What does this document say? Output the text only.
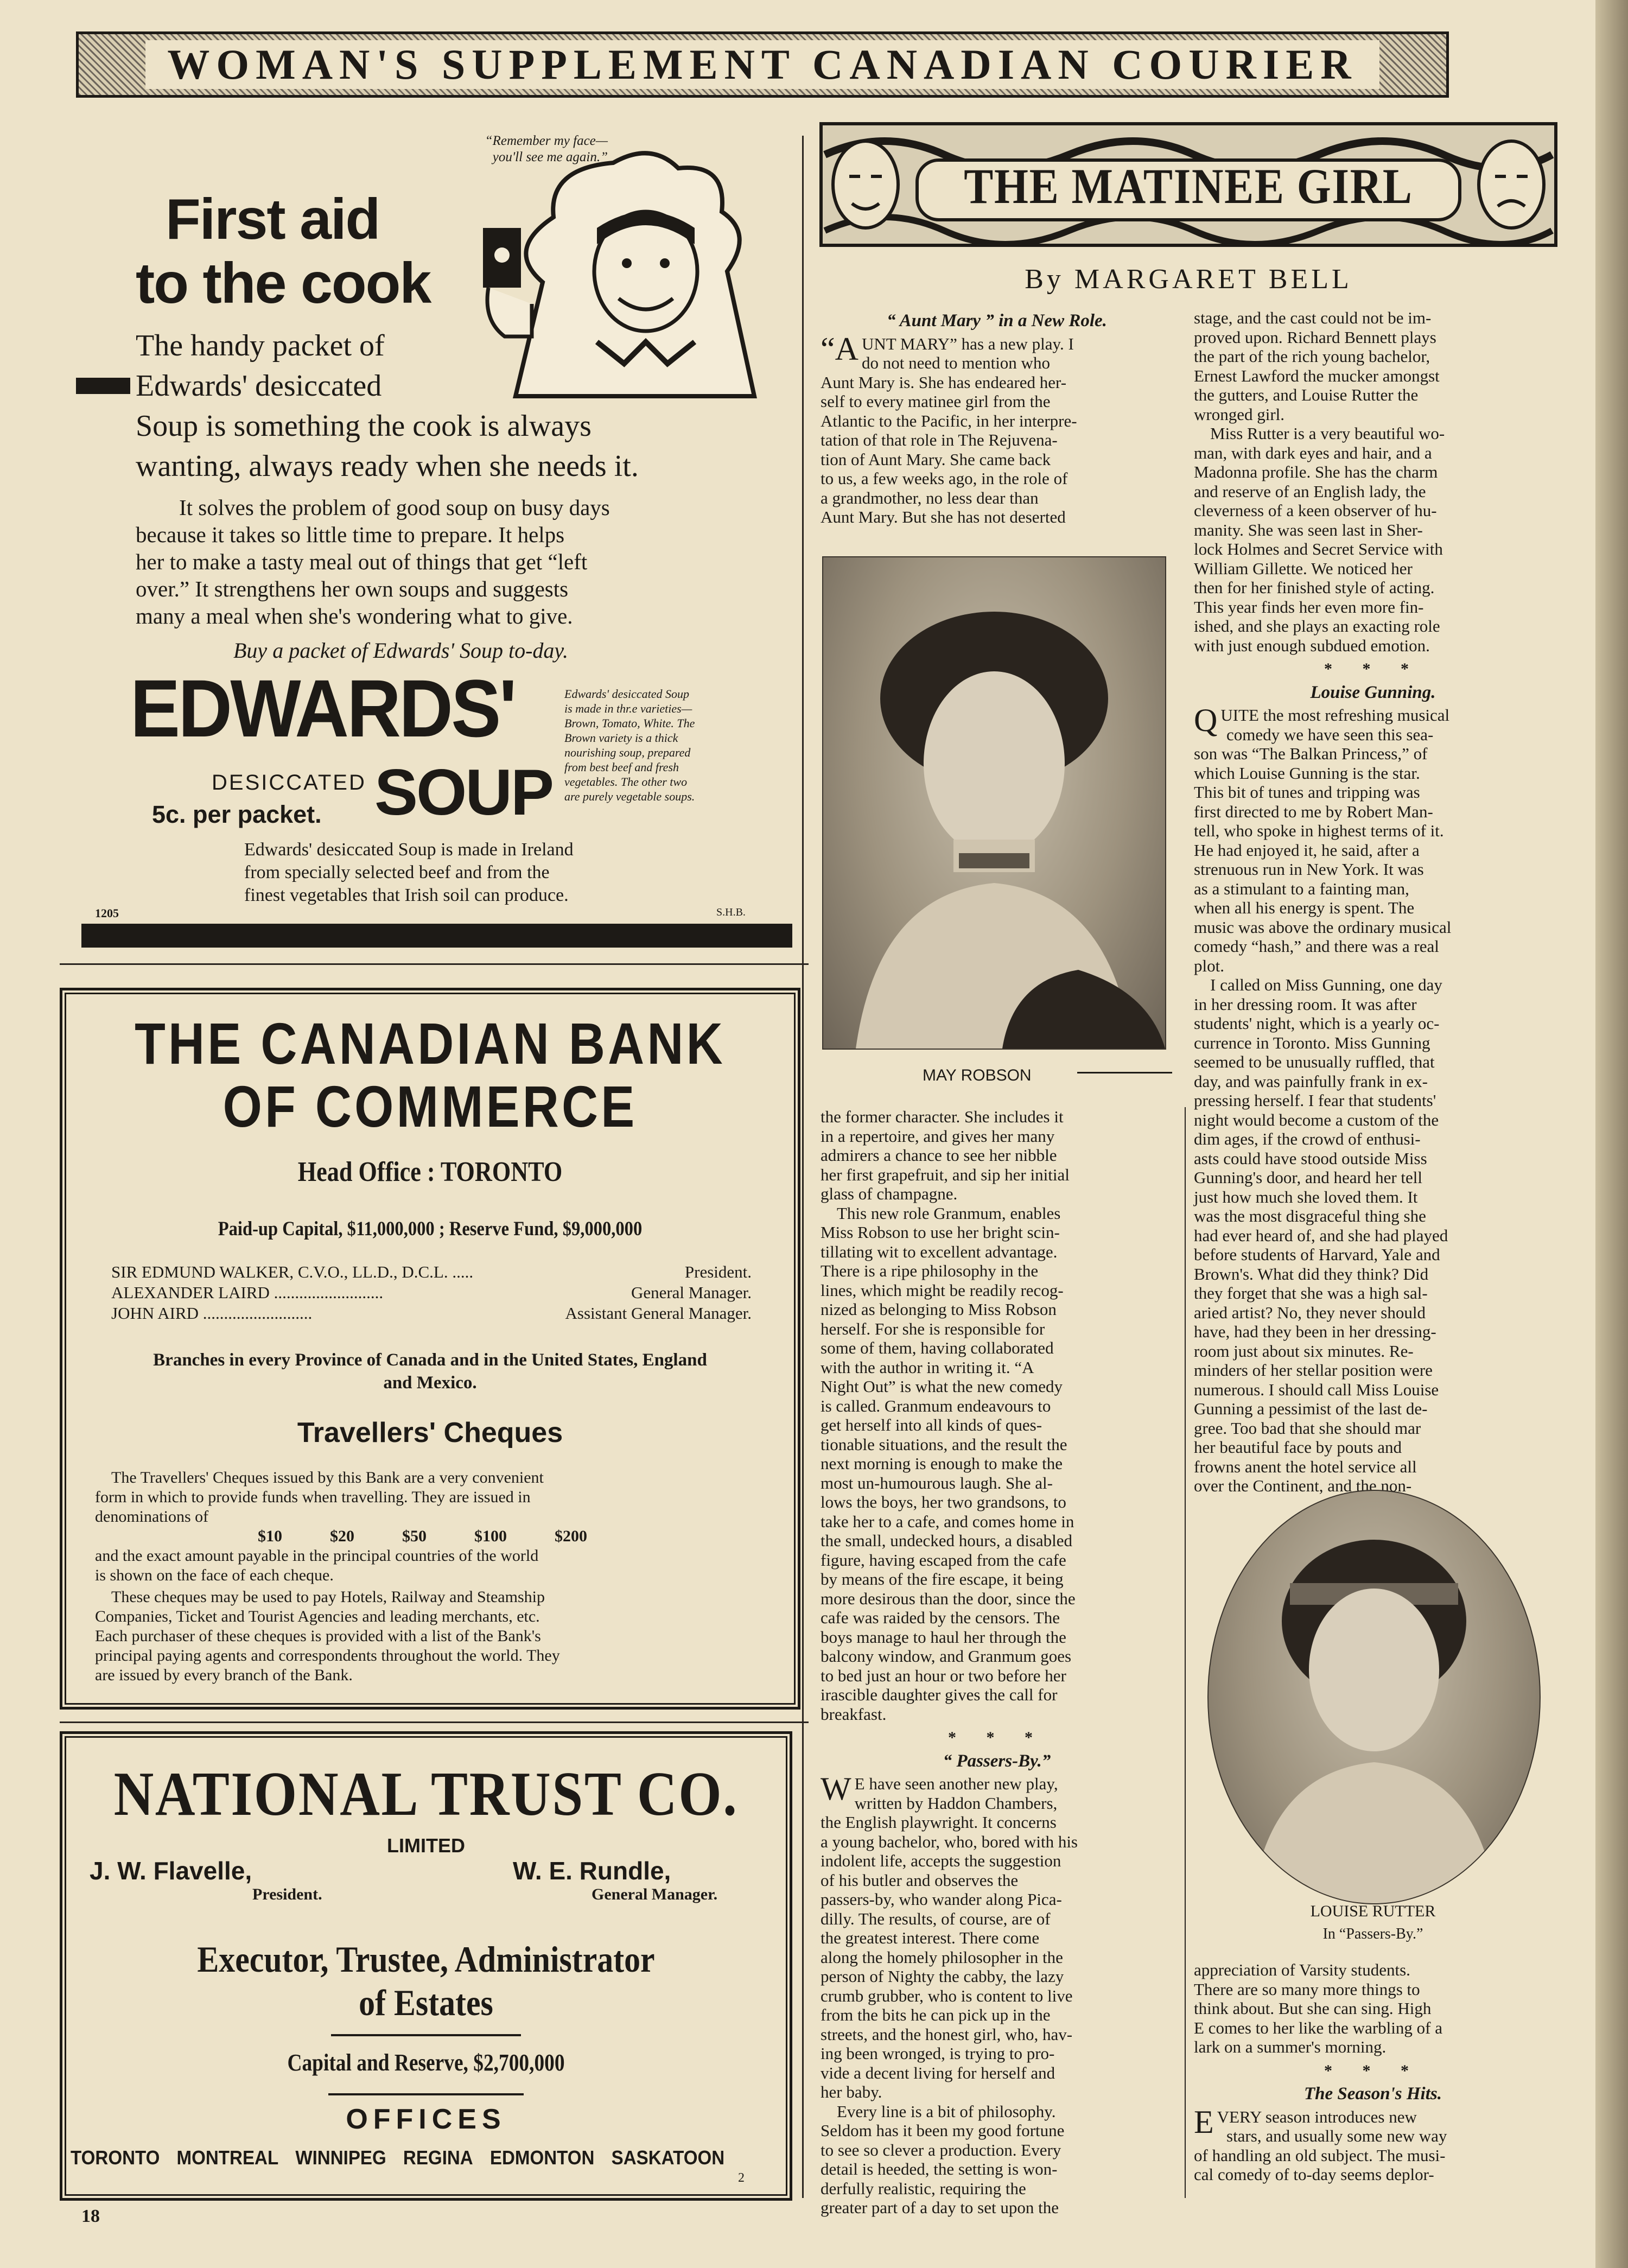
WOMAN'S SUPPLEMENT CANADIAN COURIER
“Remember my face—
you'll see me again.”
First aid
to the cook
The handy packet of
Edwards' desiccated
Soup is something the cook is always
wanting, always ready when she needs it.
It solves the problem of good soup on busy days
because it takes so little time to prepare. It helps
her to make a tasty meal out of things that get “left
over.” It strengthens her own soups and suggests
many a meal when she's wondering what to give.
Buy a packet of Edwards' Soup to-day.
EDWARDS'
DESICCATED SOUP
5c. per packet.
Edwards' desiccated Soup
is made in thr.e varieties—
Brown, Tomato, White. The
Brown variety is a thick
nourishing soup, prepared
from best beef and fresh
vegetables. The other two
are purely vegetable soups.
Edwards' desiccated Soup is made in Ireland
from specially selected beef and from the
finest vegetables that Irish soil can produce.
1205	S.H.B.
THE CANADIAN BANK
OF COMMERCE
Head Office : TORONTO
Paid-up Capital, $11,000,000 ; Reserve Fund, $9,000,000
SIR EDMUND WALKER, C.V.O., LL.D., D.C.L. .....	President.
ALEXANDER LAIRD ..........................	General Manager.
JOHN AIRD ..........................	Assistant General Manager.
Branches in every Province of Canada and in the United States, England
and Mexico.
Travellers' Cheques
The Travellers' Cheques issued by this Bank are a very convenient
form in which to provide funds when travelling. They are issued in
denominations of
$10	$20	$50	$100	$200
and the exact amount payable in the principal countries of the world
is shown on the face of each cheque.
These cheques may be used to pay Hotels, Railway and Steamship
Companies, Ticket and Tourist Agencies and leading merchants, etc.
Each purchaser of these cheques is provided with a list of the Bank's
principal paying agents and correspondents throughout the world. They
are issued by every branch of the Bank.
NATIONAL TRUST CO.
LIMITED
J. W. Flavelle,
President.
W. E. Rundle,
General Manager.
Executor, Trustee, Administrator
of Estates
Capital and Reserve, $2,700,000
OFFICES
TORONTO MONTREAL WINNIPEG REGINA EDMONTON SASKATOON
2
18
THE MATINEE GIRL
By MARGARET BELL
“ Aunt Mary ” in a New Role.
“A UNT MARY” has a new play. I
do not need to mention who
Aunt Mary is. She has endeared her-
self to every matinee girl from the
Atlantic to the Pacific, in her interpre-
tation of that role in The Rejuvena-
tion of Aunt Mary. She came back
to us, a few weeks ago, in the role of
a grandmother, no less dear than
Aunt Mary. But she has not deserted
MAY ROBSON
the former character. She includes it
in a repertoire, and gives her many
admirers a chance to see her nibble
her first grapefruit, and sip her initial
glass of champagne.
This new role Granmum, enables
Miss Robson to use her bright scin-
tillating wit to excellent advantage.
There is a ripe philosophy in the
lines, which might be readily recog-
nized as belonging to Miss Robson
herself. For she is responsible for
some of them, having collaborated
with the author in writing it. “A
Night Out” is what the new comedy
is called. Granmum endeavours to
get herself into all kinds of ques-
tionable situations, and the result the
next morning is enough to make the
most un-humourous laugh. She al-
lows the boys, her two grandsons, to
take her to a cafe, and comes home in
the small, undecked hours, a disabled
figure, having escaped from the cafe
by means of the fire escape, it being
more desirous than the door, since the
cafe was raided by the censors. The
boys manage to haul her through the
balcony window, and Granmum goes
to bed just an hour or two before her
irascible daughter gives the call for
breakfast.
* * *
“ Passers-By.”
W E have seen another new play,
written by Haddon Chambers,
the English playwright. It concerns
a young bachelor, who, bored with his
indolent life, accepts the suggestion
of his butler and observes the
passers-by, who wander along Pica-
dilly. The results, of course, are of
the greatest interest. There come
along the homely philosopher in the
person of Nighty the cabby, the lazy
crumb grubber, who is content to live
from the bits he can pick up in the
streets, and the honest girl, who, hav-
ing been wronged, is trying to pro-
vide a decent living for herself and
her baby.
Every line is a bit of philosophy.
Seldom has it been my good fortune
to see so clever a production. Every
detail is heeded, the setting is won-
derfully realistic, requiring the
greater part of a day to set upon the
stage, and the cast could not be im-
proved upon. Richard Bennett plays
the part of the rich young bachelor,
Ernest Lawford the mucker amongst
the gutters, and Louise Rutter the
wronged girl.
Miss Rutter is a very beautiful wo-
man, with dark eyes and hair, and a
Madonna profile. She has the charm
and reserve of an English lady, the
cleverness of a keen observer of hu-
manity. She was seen last in Sher-
lock Holmes and Secret Service with
William Gillette. We noticed her
then for her finished style of acting.
This year finds her even more fin-
ished, and she plays an exacting role
with just enough subdued emotion.
* * *
Louise Gunning.
Q UITE the most refreshing musical
comedy we have seen this sea-
son was “The Balkan Princess,” of
which Louise Gunning is the star.
This bit of tunes and tripping was
first directed to me by Robert Man-
tell, who spoke in highest terms of it.
He had enjoyed it, he said, after a
strenuous run in New York. It was
as a stimulant to a fainting man,
when all his energy is spent. The
music was above the ordinary musical
comedy “hash,” and there was a real
plot.
I called on Miss Gunning, one day
in her dressing room. It was after
students' night, which is a yearly oc-
currence in Toronto. Miss Gunning
seemed to be unusually ruffled, that
day, and was painfully frank in ex-
pressing herself. I fear that students'
night would become a custom of the
dim ages, if the crowd of enthusi-
asts could have stood outside Miss
Gunning's door, and heard her tell
just how much she loved them. It
was the most disgraceful thing she
had ever heard of, and she had played
before students of Harvard, Yale and
Brown's. What did they think? Did
they forget that she was a high sal-
aried artist? No, they never should
have, had they been in her dressing-
room just about six minutes. Re-
minders of her stellar position were
numerous. I should call Miss Louise
Gunning a pessimist of the last de-
gree. Too bad that she should mar
her beautiful face by pouts and
frowns anent the hotel service all
over the Continent, and the non-
LOUISE RUTTER
In “Passers-By.”
appreciation of Varsity students.
There are so many more things to
think about. But she can sing. High
E comes to her like the warbling of a
lark on a summer's morning.
* * *
The Season's Hits.
E VERY season introduces new
stars, and usually some new way
of handling an old subject. The musi-
cal comedy of to-day seems deplor-
